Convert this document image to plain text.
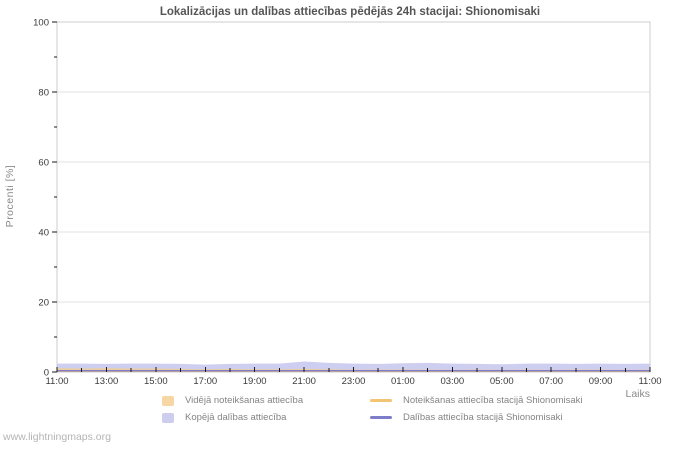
Lokalizācijas un dalības attiecības pēdējās 24h stacijai: Shionomisaki
Procenti [%]
0
20
40
60
80
100
11:00	13:00	15:00	17:00	19:00	21:00	23:00	01:00	03:00	05:00	07:00	09:00	11:00
Laiks
Vidējā noteikšanas attiecība	Noteikšanas attiecība stacijā Shionomisaki
Kopējā dalības attiecība	Dalības attiecība stacijā Shionomisaki
www.lightningmaps.org
